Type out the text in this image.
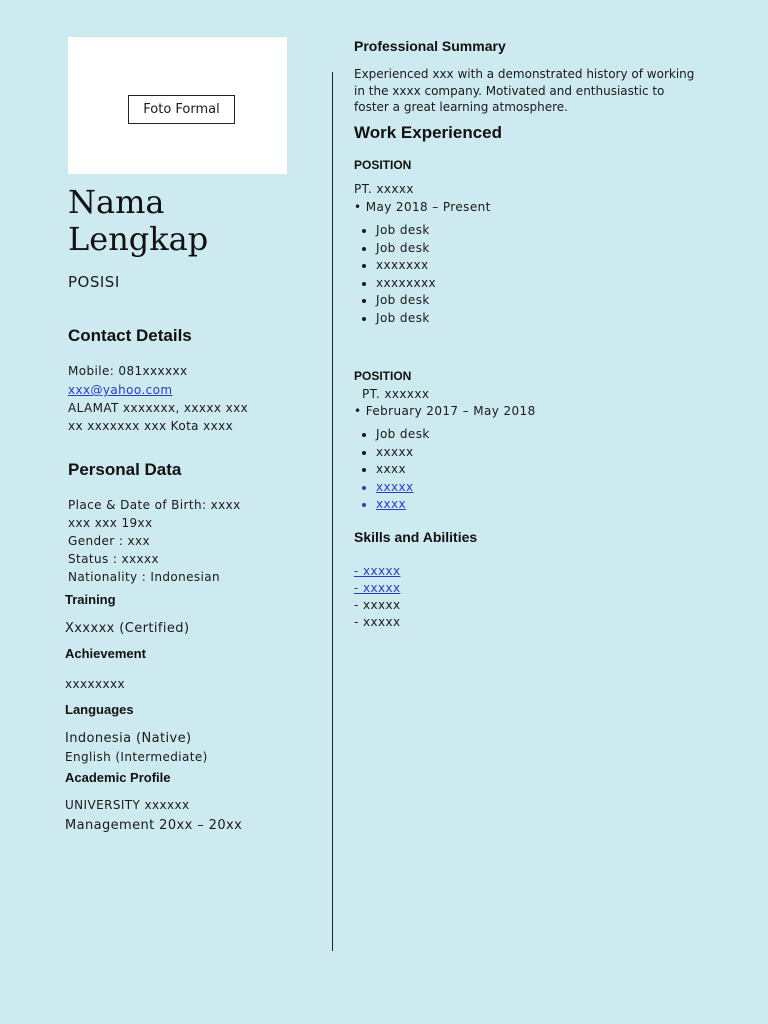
Foto Formal
Nama
Lengkap
POSISI
Contact Details
Mobile: 081xxxxxx
xxx@yahoo.com
ALAMAT xxxxxxx, xxxxx xxx
xx xxxxxxx xxx Kota xxxx
Personal Data
Place & Date of Birth: xxxx
xxx xxx 19xx
Gender : xxx
Status : xxxxx
Nationality : Indonesian
Training
Xxxxxx (Certified)
Achievement
xxxxxxxx
Languages
Indonesia (Native)
English (Intermediate)
Academic Profile
UNIVERSITY xxxxxx
Management 20xx – 20xx
Professional Summary
Experienced xxx with a demonstrated history of working in the xxxx company. Motivated and enthusiastic to foster a great learning atmosphere.
Work Experienced
POSITION
PT. xxxxx
• May 2018 – Present
• Job desk
• Job desk
• xxxxxxx
• xxxxxxxx
• Job desk
• Job desk
POSITION
PT. xxxxxx
• February 2017 – May 2018
• Job desk
• xxxxx
• xxxx
• xxxxx
• xxxx
Skills and Abilities
- xxxxx
- xxxxx
- xxxxx
- xxxxx
